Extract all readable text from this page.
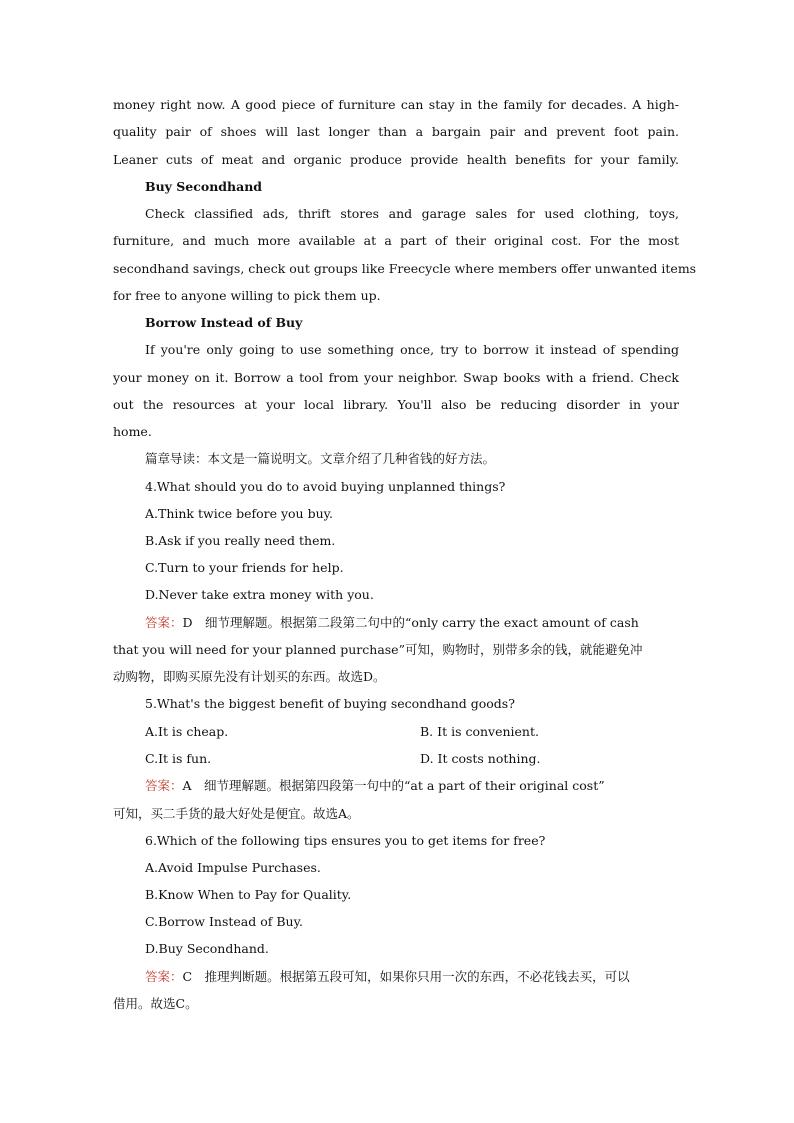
money right now. A good piece of furniture can stay in the family for decades. A high-
quality pair of shoes will last longer than a bargain pair and prevent foot pain.
Leaner cuts of meat and organic produce provide health benefits for your family.
Buy Secondhand
Check classified ads, thrift stores and garage sales for used clothing, toys,
furniture, and much more available at a part of their original cost. For the most
secondhand savings, check out groups like Freecycle where members offer unwanted items
for free to anyone willing to pick them up.
Borrow Instead of Buy
If you're only going to use something once, try to borrow it instead of spending
your money on it. Borrow a tool from your neighbor. Swap books with a friend. Check
out the resources at your local library. You'll also be reducing disorder in your
home.
篇章导读：本文是一篇说明文。文章介绍了几种省钱的好方法。
4.What should you do to avoid buying unplanned things?
A.Think twice before you buy.
B.Ask if you really need them.
C.Turn to your friends for help.
D.Never take extra money with you.
答案：D　细节理解题。根据第二段第二句中的“only carry the exact amount of cash
that you will need for your planned purchase”可知，购物时，别带多余的钱，就能避免冲
动购物，即购买原先没有计划买的东西。故选D。
5.What's the biggest benefit of buying secondhand goods?
A.It is cheap.	B. It is convenient.
C.It is fun.	D. It costs nothing.
答案：A　细节理解题。根据第四段第一句中的“at a part of their original cost”
可知，买二手货的最大好处是便宜。故选A。
6.Which of the following tips ensures you to get items for free?
A.Avoid Impulse Purchases.
B.Know When to Pay for Quality.
C.Borrow Instead of Buy.
D.Buy Secondhand.
答案：C　推理判断题。根据第五段可知，如果你只用一次的东西，不必花钱去买，可以
借用。故选C。
